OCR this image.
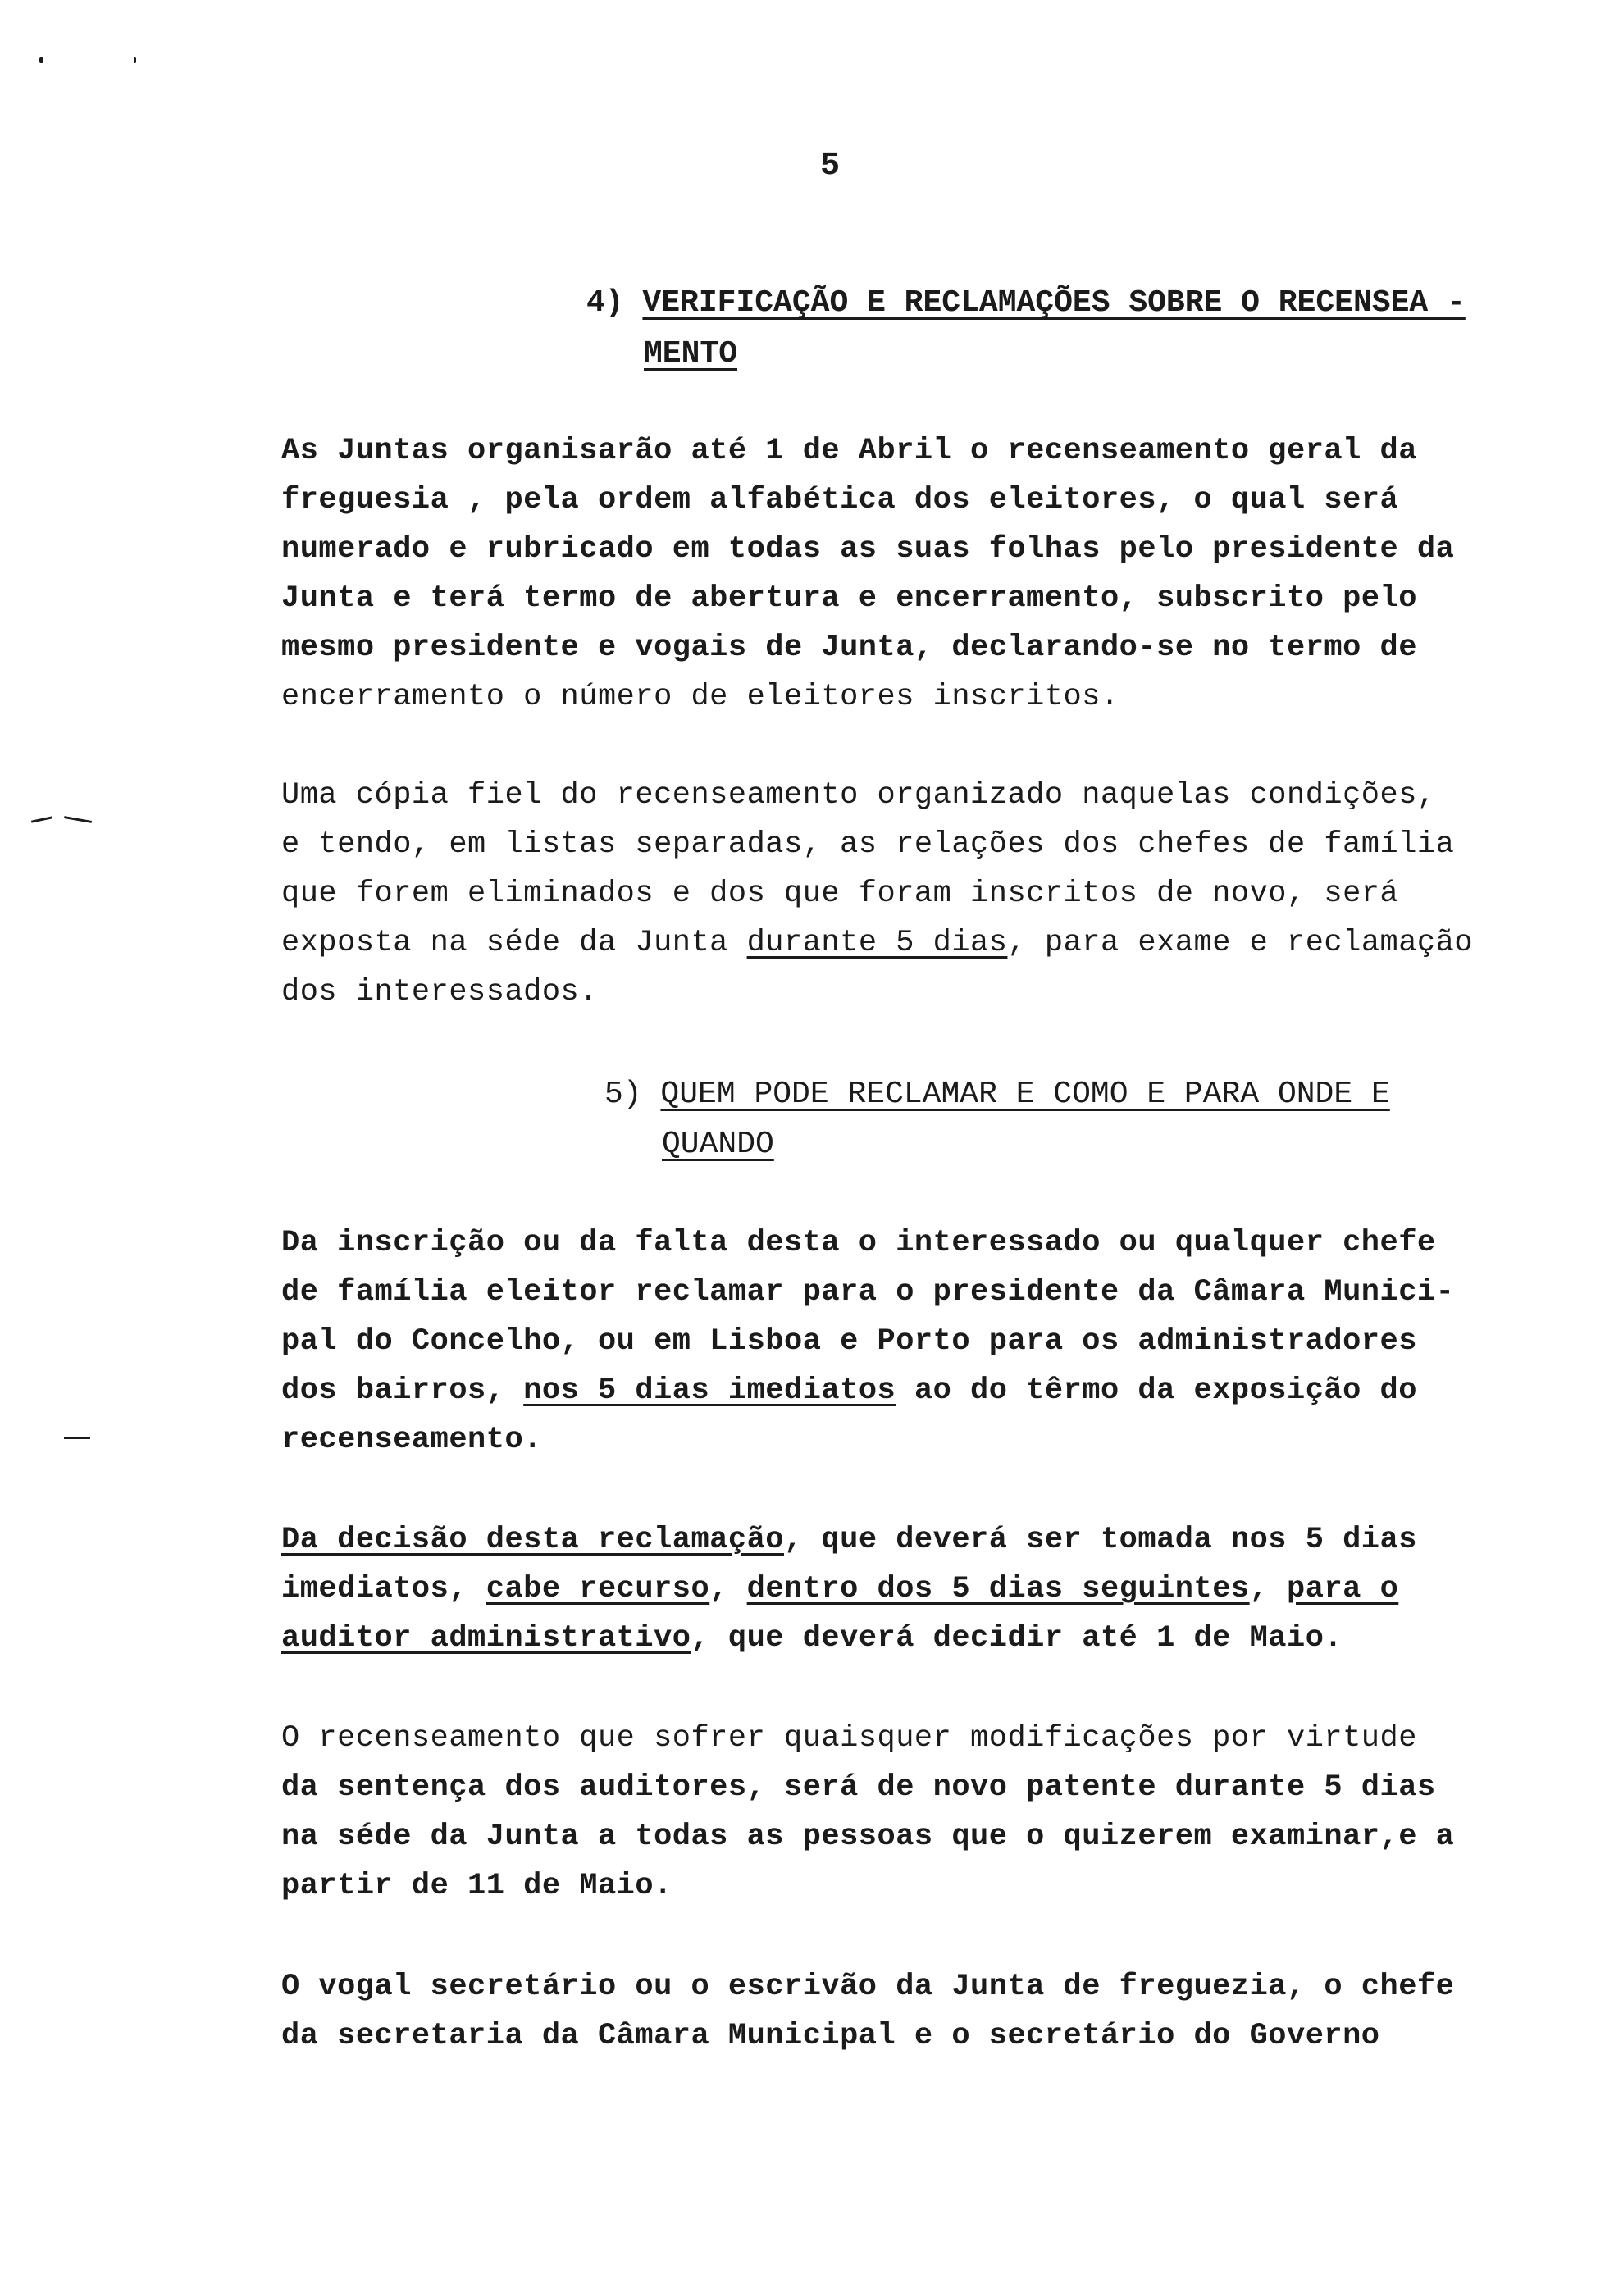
5
4) VERIFICAÇÃO E RECLAMAÇÕES SOBRE O RECENSEA -
MENTO
As Juntas organisarão até 1 de Abril o recenseamento geral da
freguesia , pela ordem alfabética dos eleitores, o qual será
numerado e rubricado em todas as suas folhas pelo presidente da
Junta e terá termo de abertura e encerramento, subscrito pelo
mesmo presidente e vogais de Junta, declarando-se no termo de
encerramento o número de eleitores inscritos.
Uma cópia fiel do recenseamento organizado naquelas condições,
e tendo, em listas separadas, as relações dos chefes de família
que forem eliminados e dos que foram inscritos de novo, será
exposta na séde da Junta durante 5 dias, para exame e reclamação
dos interessados.
5) QUEM PODE RECLAMAR E COMO E PARA ONDE E
QUANDO
Da inscrição ou da falta desta o interessado ou qualquer chefe
de família eleitor reclamar para o presidente da Câmara Munici-
pal do Concelho, ou em Lisboa e Porto para os administradores
dos bairros, nos 5 dias imediatos ao do têrmo da exposição do
recenseamento.
Da decisão desta reclamação, que deverá ser tomada nos 5 dias
imediatos, cabe recurso, dentro dos 5 dias seguintes, para o
auditor administrativo, que deverá decidir até 1 de Maio.
O recenseamento que sofrer quaisquer modificações por virtude
da sentença dos auditores, será de novo patente durante 5 dias
na séde da Junta a todas as pessoas que o quizerem examinar,e a
partir de 11 de Maio.
O vogal secretário ou o escrivão da Junta de freguezia, o chefe
da secretaria da Câmara Municipal e o secretário do Governo
